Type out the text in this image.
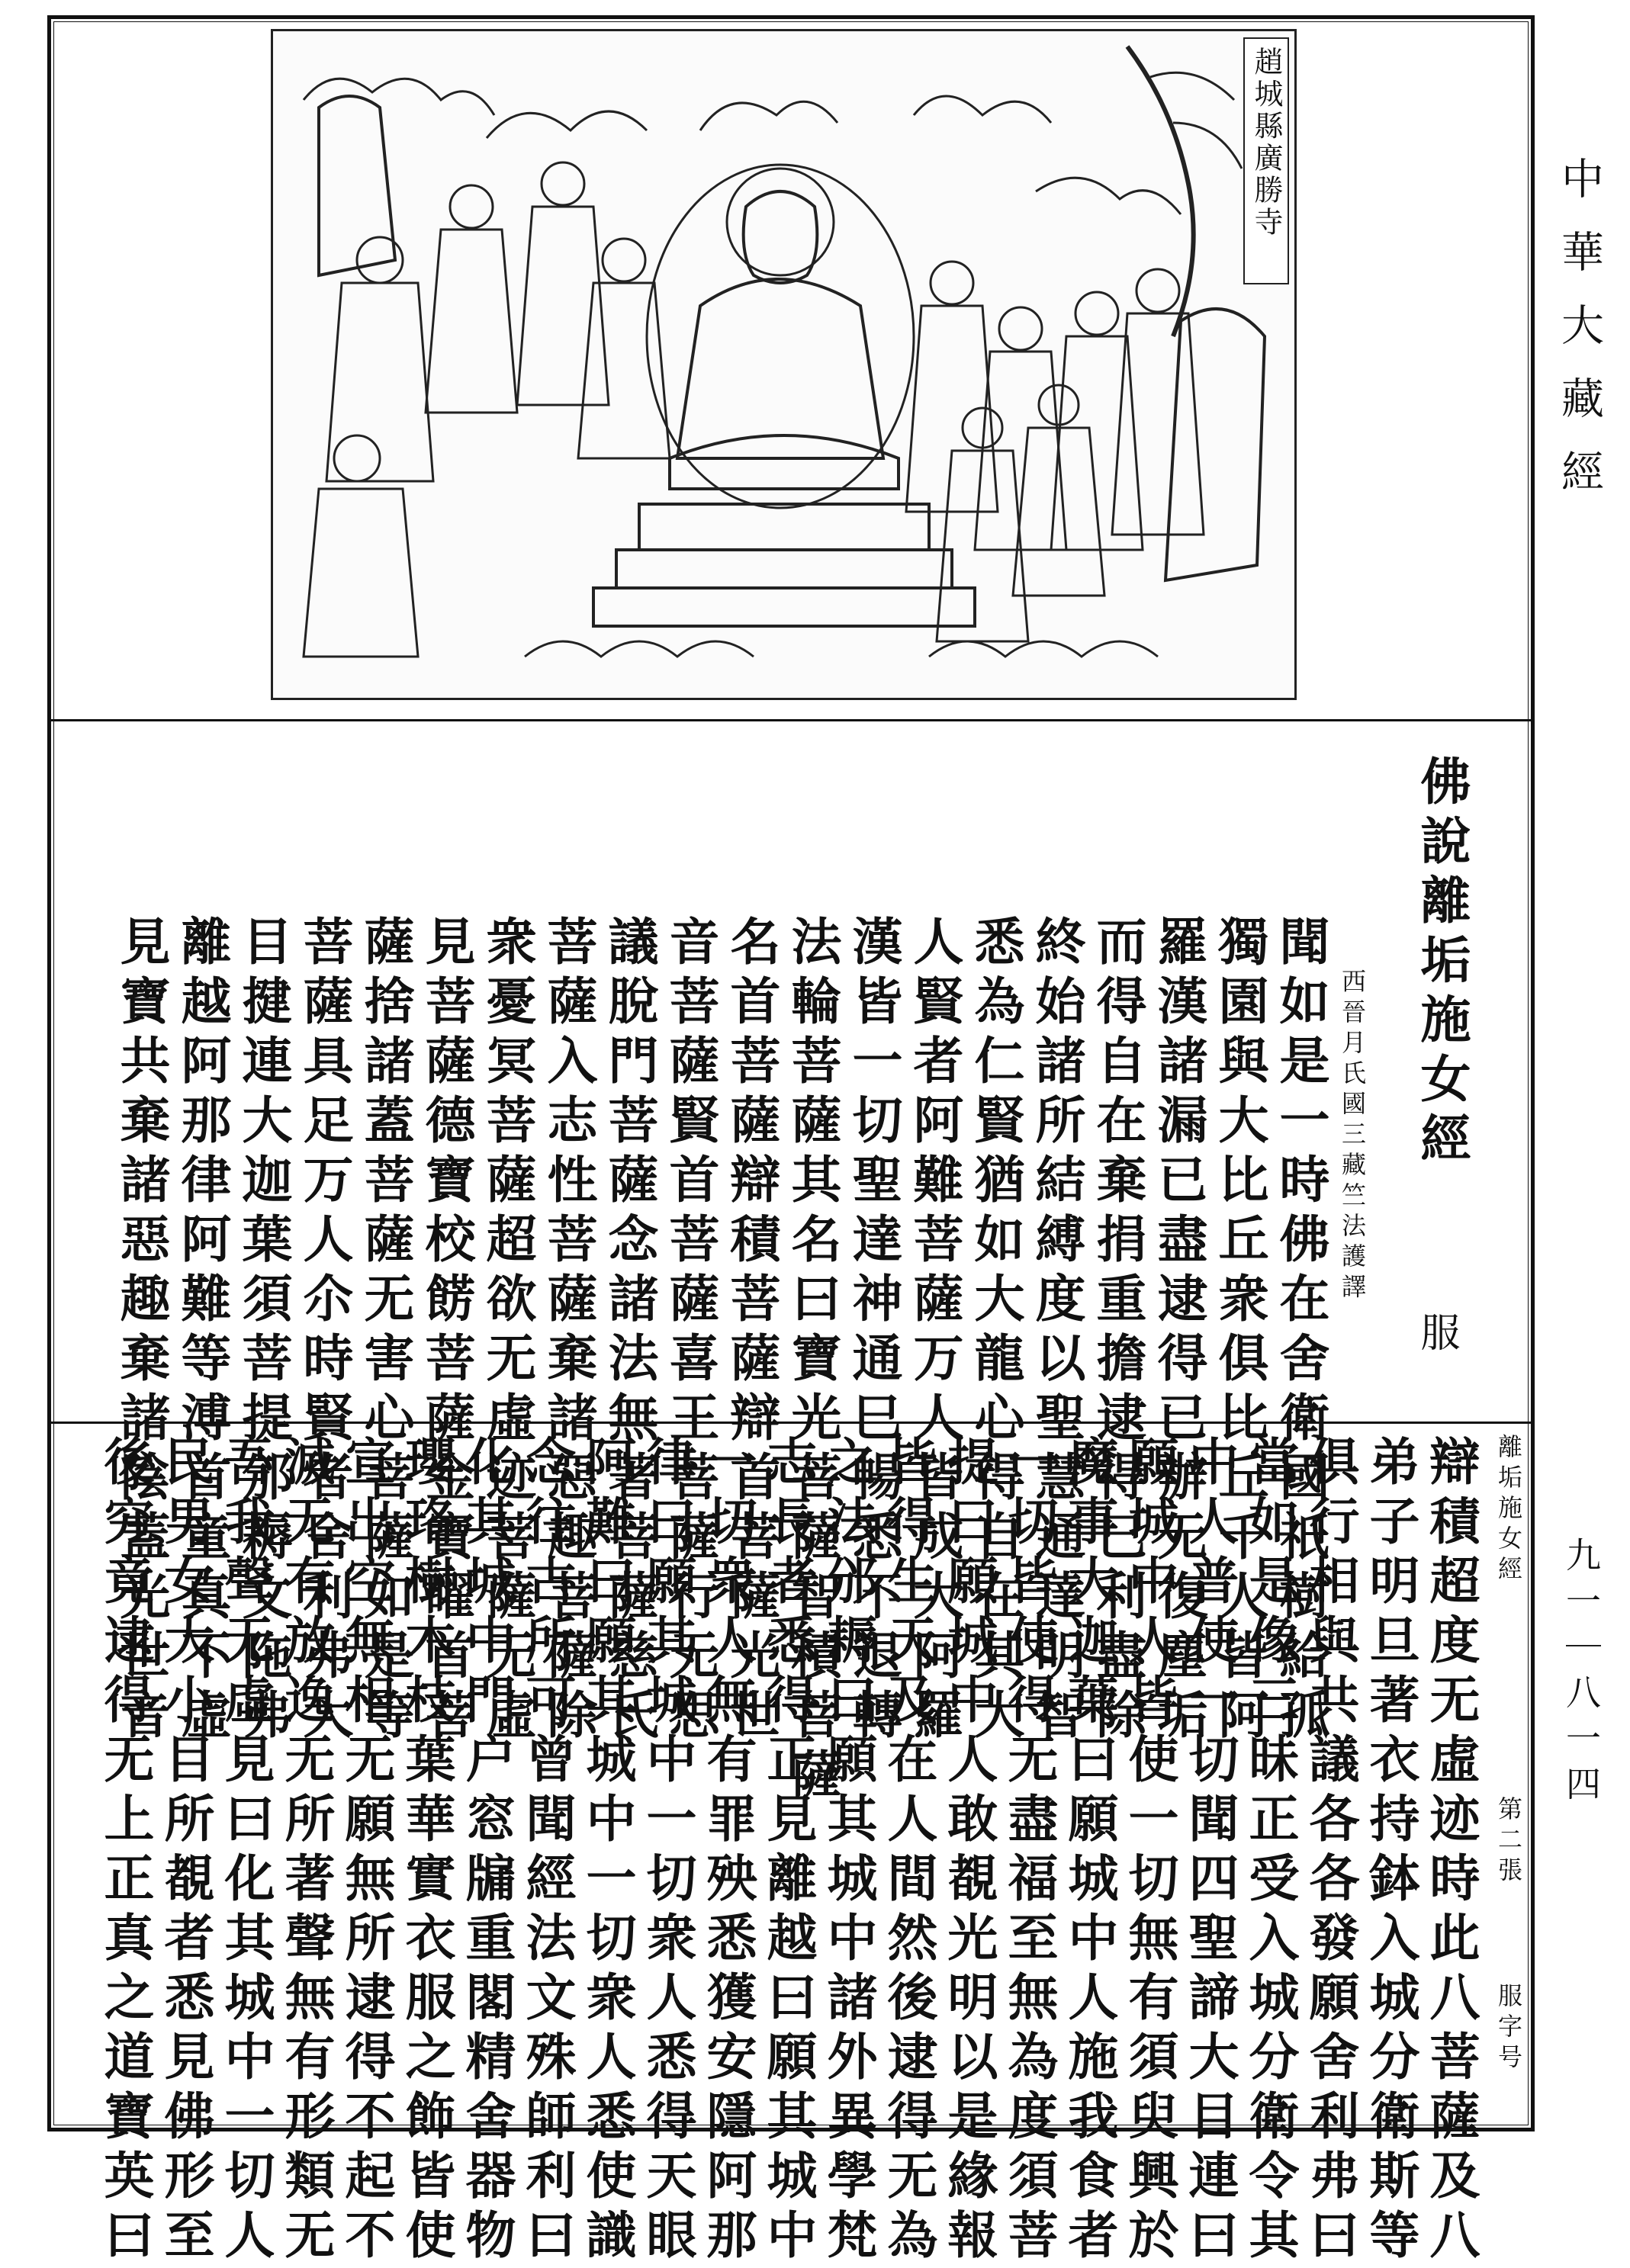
中華大藏經
九一｜八一四
趙城縣廣勝寺
佛說離垢施女經
服
西晉月氏國三藏竺法護譯
聞如是一時佛在舍衛國祇樹給孤
獨園與大比丘衆俱比丘千人皆阿
羅漢諸漏已盡逮得已辦无復塵垢
而得自在棄捐重擔逮得巳利盡除
終始諸所結縛度以聖慧通達明智
悉為仁賢猶如大龍心得自在其大
人賢者阿難菩薩万人皆成大阿羅
漢皆一切聖達神通巳暢悉不退轉
法輪菩薩其名曰寶光菩薩智積菩薩
名首菩薩辯積菩薩辯首菩薩光世
音菩薩賢首菩薩喜王菩薩行无思
議脫門菩薩念諸法無著菩薩慈氏
菩薩入志性菩薩棄諸惡趣菩薩除
衆憂冥菩薩超欲无虛迹菩薩无虛
見菩薩德寶校餝菩薩金寶曜首菩
薩捨諸蓋菩薩无害心菩薩如是等
菩薩具足万人尒時賢者舍利弗大
目揵連大迦葉須菩提邠耨文陁弗
離越阿那律阿難等溥首童真不虛
見寶共棄諸惡趣棄諸陰蓋光世音	離垢施女經
第二張
服字号
辯積超度无虛迹時此八菩薩及八
弟子明旦著衣持鉢入城分衛斯等
俱行相與共議各各發願舍利弗曰
當如是像三昧正受入城分衛令其
中人普使一切聞四聖諦大目連曰
願城中人皆使一切無有須臾興於
魔事大迦葉曰願城中人施我食者
一切皆使得无盡福至無為度須菩
提曰願城中人敢覩光明以是緣報
皆得生天及在人間然後逮得无為
之法邠耨曰願其城中諸外異學梵
志長者悉得正見離越曰願其城中
一切衆人無有罪殃悉獲安隱阿那
律曰願其城中一切衆人悉得天眼
阿難曰願其城中一切衆人悉使識
念往古所可曾聞經法文殊師利曰
化其城中門户窓牖重閣精舍器物
瓔珞樹木枝葉華實衣服之飾皆使
宣出空無相无願無所逮得不起不
滅无有放逸无所著聲無有形類无
吾我聲无虛見曰化其城中一切人
民男女大小目所覩者悉見佛形至
後究竟逮得无上正真之道寶英曰
